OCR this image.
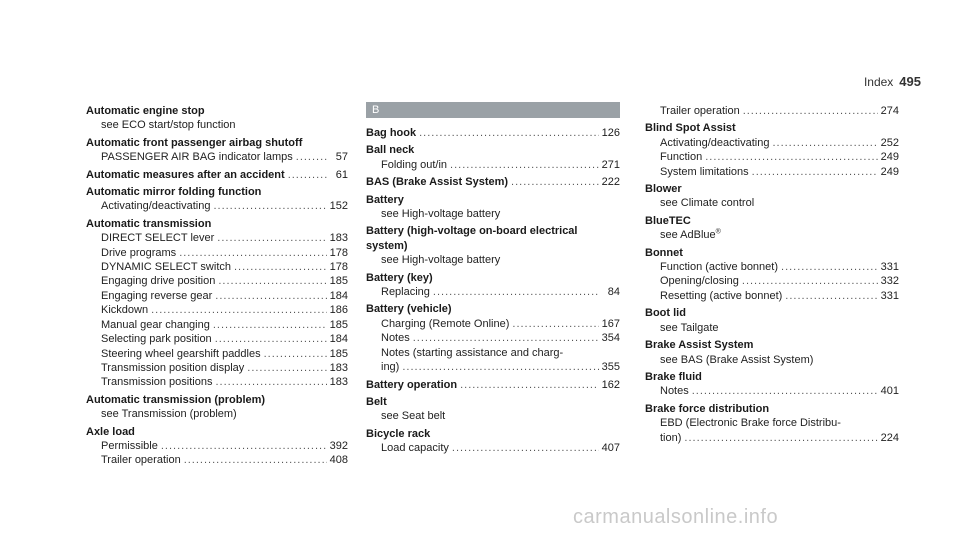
Index 495
Automatic engine stop
see ECO start/stop function
Automatic front passenger airbag shutoff
PASSENGER AIR BAG indicator lamps .....	57
Automatic measures after an accident .....	61
Automatic mirror folding function
Activating/deactivating .....	152
Automatic transmission
DIRECT SELECT lever .....	183
Drive programs .....	178
DYNAMIC SELECT switch .....	178
Engaging drive position .....	185
Engaging reverse gear .....	184
Kickdown .....	186
Manual gear changing .....	185
Selecting park position .....	184
Steering wheel gearshift paddles .....	185
Transmission position display .....	183
Transmission positions .....	183
Automatic transmission (problem)
see Transmission (problem)
Axle load
Permissible .....	392
Trailer operation .....	408
B
Bag hook .....	126
Ball neck
Folding out/in .....	271
BAS (Brake Assist System) .....	222
Battery
see High-voltage battery
Battery (high-voltage on-board electrical
system)
see High-voltage battery
Battery (key)
Replacing .....	84
Battery (vehicle)
Charging (Remote Online) .....	167
Notes .....	354
Notes (starting assistance and charg-
ing) .....	355
Battery operation .....	162
Belt
see Seat belt
Bicycle rack
Load capacity .....	407
Trailer operation .....	274
Blind Spot Assist
Activating/deactivating .....	252
Function .....	249
System limitations .....	249
Blower
see Climate control
BlueTEC
see AdBlue®
Bonnet
Function (active bonnet) .....	331
Opening/closing .....	332
Resetting (active bonnet) .....	331
Boot lid
see Tailgate
Brake Assist System
see BAS (Brake Assist System)
Brake fluid
Notes .....	401
Brake force distribution
EBD (Electronic Brake force Distribu-
tion) .....	224
carmanualsonline.info
